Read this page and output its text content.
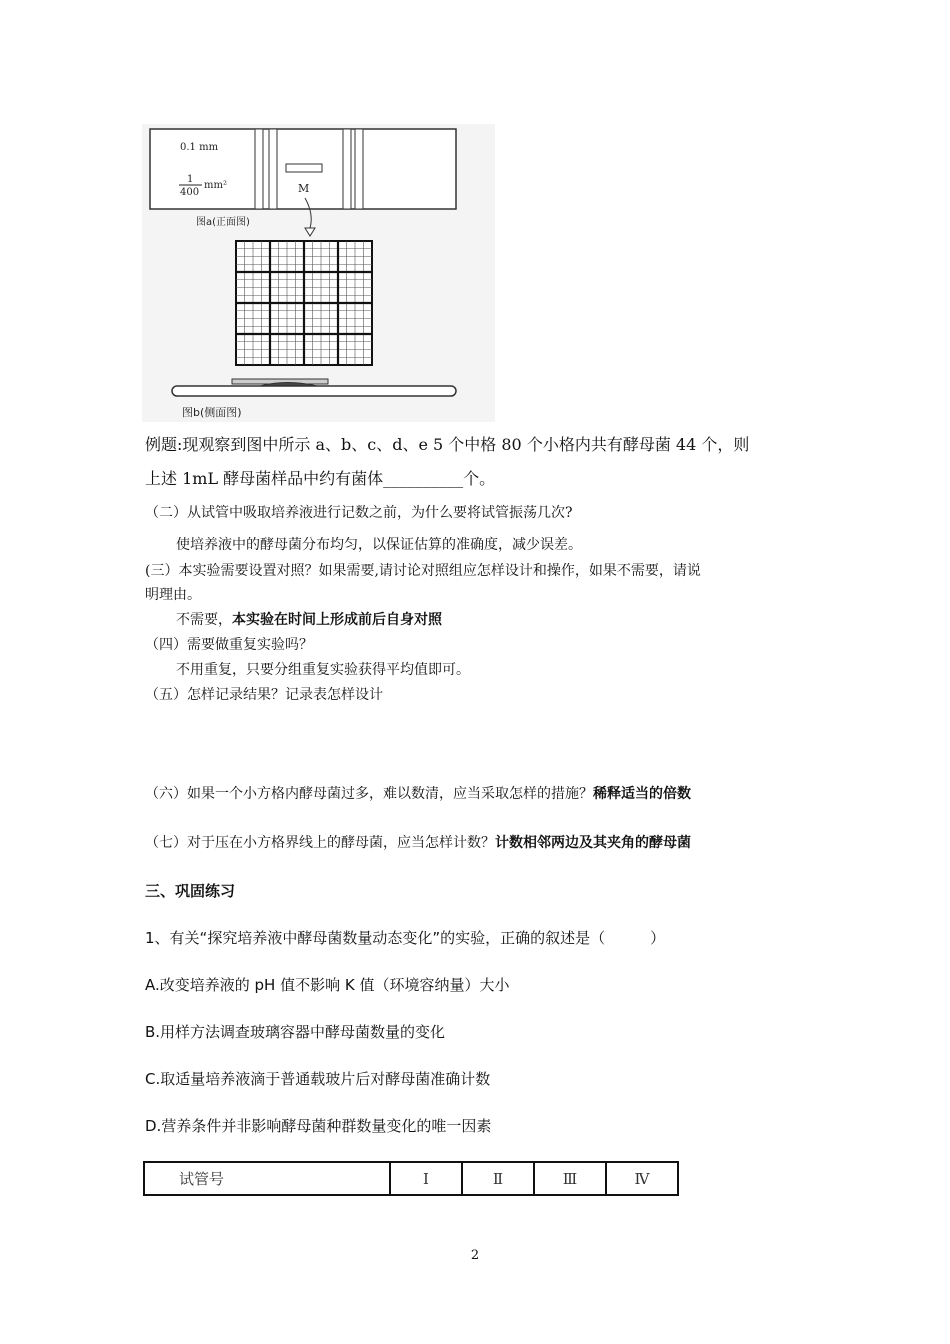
0.1 mm
1
400
mm²	M
图a(正面图)
图b(侧面图)
例题:现观察到图中所示 a、b、c、d、e 5 个中格 80 个小格内共有酵母菌 44 个，则
上述 1mL 酵母菌样品中约有菌体__________个。
（二）从试管中吸取培养液进行记数之前，为什么要将试管振荡几次?
使培养液中的酵母菌分布均匀，以保证估算的准确度，减少误差。
(三）本实验需要设置对照？如果需要,请讨论对照组应怎样设计和操作，如果不需要，请说
明理由。
不需要，本实验在时间上形成前后自身对照
（四）需要做重复实验吗？
不用重复，只要分组重复实验获得平均值即可。
（五）怎样记录结果？记录表怎样设计
（六）如果一个小方格内酵母菌过多，难以数清，应当采取怎样的措施？稀释适当的倍数
（七）对于压在小方格界线上的酵母菌，应当怎样计数？计数相邻两边及其夹角的酵母菌
三、巩固练习
1、有关“探究培养液中酵母菌数量动态变化”的实验，正确的叙述是（　　　）
A.改变培养液的 pH 值不影响 K 值（环境容纳量）大小
B.用样方法调查玻璃容器中酵母菌数量的变化
C.取适量培养液滴于普通载玻片后对酵母菌准确计数
D.营养条件并非影响酵母菌种群数量变化的唯一因素
试管号	Ⅰ	Ⅱ	Ⅲ	Ⅳ
2
